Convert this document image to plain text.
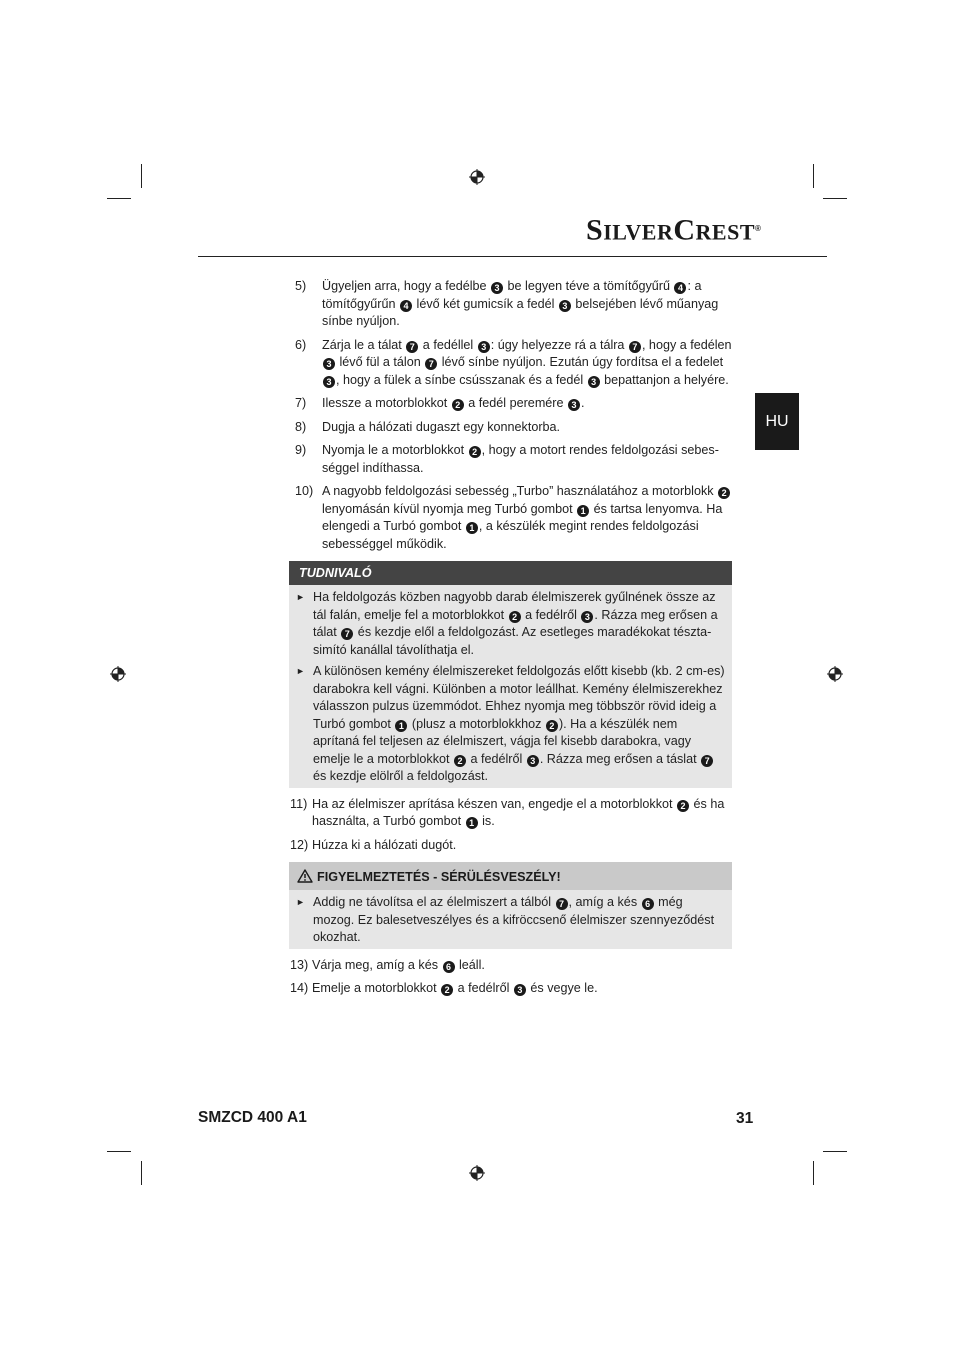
SILVERCREST®
HU
5) Ügyeljen arra, hogy a fedélbe 3 be legyen téve a tömítőgyűrű 4 : a tömítőgyűrűn 4 lévő két gumicsík a fedél 3 belsejében lévő műanyag sínbe nyúljon.
6) Zárja le a tálat 7 a fedéllel 3 : úgy helyezze rá a tálra 7 , hogy a fedélen 3 lévő fül a tálon 7 lévő sínbe nyúljon. Ezután úgy fordítsa el a fedelet 3 , hogy a fülek a sínbe csússzanak és a fedél 3 bepattanjon a helyére.
7) Ilessze a motorblokkot 2 a fedél peremére 3 .
8) Dugja a hálózati dugaszt egy konnektorba.
9) Nyomja le a motorblokkot 2 , hogy a motort rendes feldolgozási sebes-séggel indíthassa.
10) A nagyobb feldolgozási sebesség „Turbo” használatához a motorblokk 2 lenyomásán kívül nyomja meg Turbó gombot 1 és tartsa lenyomva. Ha elengedi a Turbó gombot 1 , a készülék megint rendes feldolgozási sebességgel működik.
TUDNIVALÓ
► Ha feldolgozás közben nagyobb darab élelmiszerek gyűlnének össze az tál falán, emelje fel a motorblokkot 2 a fedélről 3 . Rázza meg erősen a tálat 7 és kezdje elől a feldolgozást. Az esetleges maradékokat tészta-simító kanállal távolíthatja el.
► A különösen kemény élelmiszereket feldolgozás előtt kisebb (kb. 2 cm-es) darabokra kell vágni. Különben a motor leállhat. Kemény élelmiszerekhez válasszon pulzus üzemmódot. Ehhez nyomja meg többször rövid ideig a Turbó gombot 1 (plusz a motorblokkhoz 2 ). Ha a készülék nem aprítaná fel teljesen az élelmiszert, vágja fel kisebb darabokra, vagy emelje le a motorblokkot 2 a fedélről 3 . Rázza meg erősen a táslat 7 és kezdje elölről a feldolgozást.
11) Ha az élelmiszer aprítása készen van, engedje el a motorblokkot 2 és ha használta, a Turbó gombot 1 is.
12) Húzza ki a hálózati dugót.
FIGYELMEZTETÉS - SÉRÜLÉSVESZÉLY!
► Addig ne távolítsa el az élelmiszert a tálból 7 , amíg a kés 6 még mozog. Ez balesetveszélyes és a kifröccsenő élelmiszer szennyeződést okozhat.
13) Várja meg, amíg a kés 6 leáll.
14) Emelje a motorblokkot 2 a fedélről 3 és vegye le.
SMZCD 400 A1	31
